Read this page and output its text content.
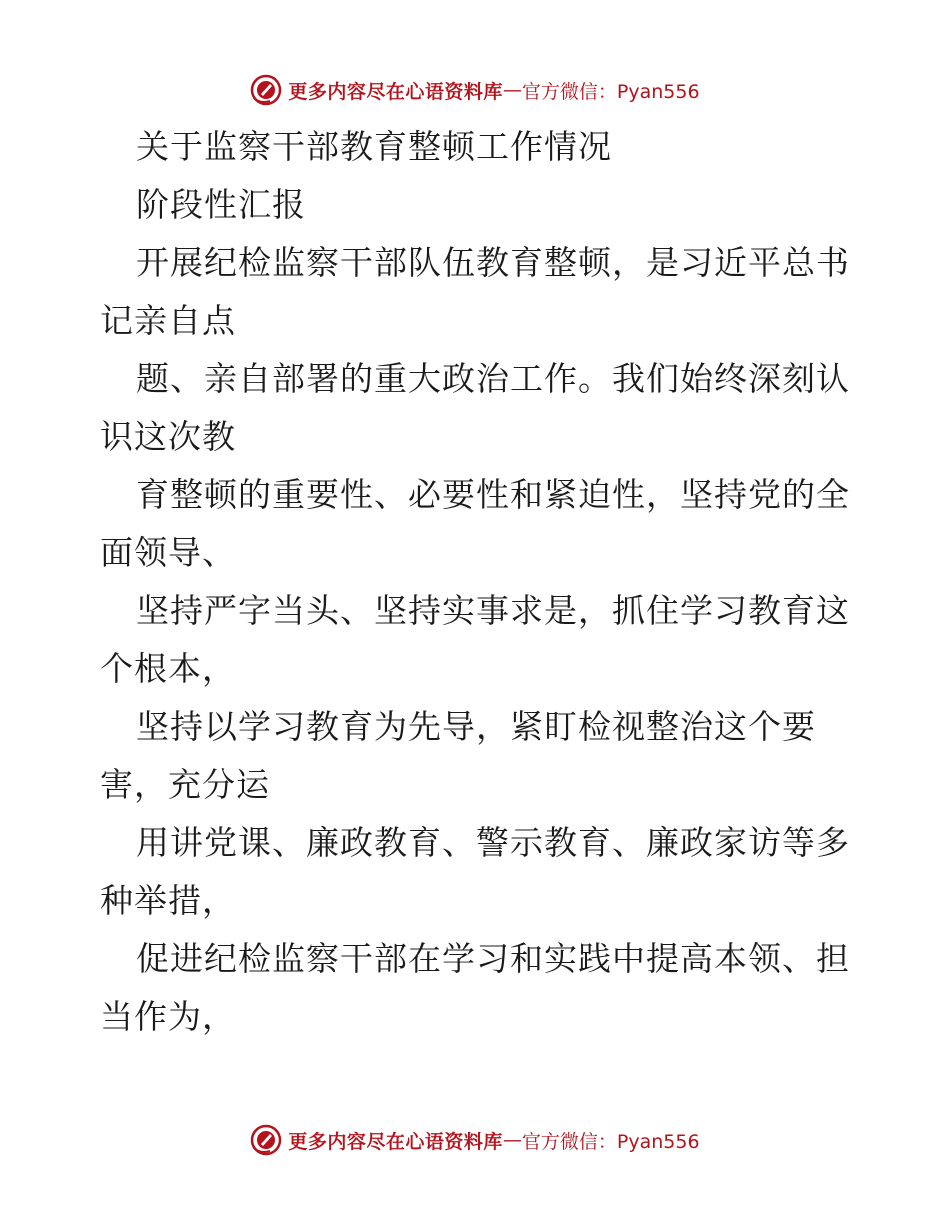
更多内容尽在心语资料库 — 官方微信：Pyan556
关于监察干部教育整顿工作情况
阶段性汇报
开展纪检监察干部队伍教育整顿，是习近平总书
记亲自点
题、亲自部署的重大政治工作。我们始终深刻认
识这次教
育整顿的重要性、必要性和紧迫性，坚持党的全
面领导、
坚持严字当头、坚持实事求是，抓住学习教育这
个根本，
坚持以学习教育为先导，紧盯检视整治这个要
害，充分运
用讲党课、廉政教育、警示教育、廉政家访等多
种举措，
促进纪检监察干部在学习和实践中提高本领、担
当作为，
更多内容尽在心语资料库 — 官方微信：Pyan556
